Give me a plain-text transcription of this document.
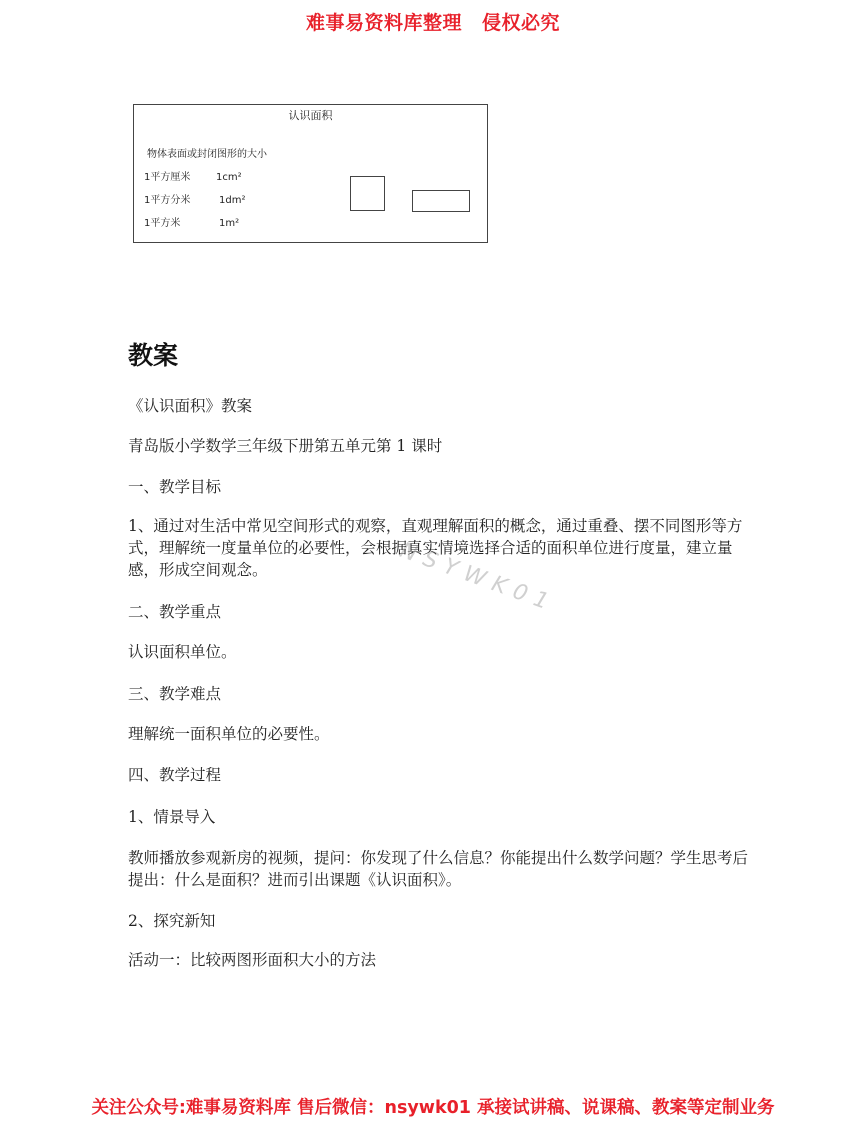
难事易资料库整理 侵权必究
认识面积
物体表面或封闭图形的大小
1平方厘米	1cm²
1平方分米	1dm²
1平方米	1m²
教案
《认识面积》教案
青岛版小学数学三年级下册第五单元第 1 课时
一、教学目标
1、通过对生活中常见空间形式的观察，直观理解面积的概念，通过重叠、摆不同图形等方式，理解统一度量单位的必要性，会根据真实情境选择合适的面积单位进行度量，建立量感，形成空间观念。
二、教学重点
认识面积单位。
三、教学难点
理解统一面积单位的必要性。
四、教学过程
1、情景导入
教师播放参观新房的视频，提问：你发现了什么信息？你能提出什么数学问题？学生思考后提出：什么是面积？进而引出课题《认识面积》。
2、探究新知
活动一：比较两图形面积大小的方法
NSYWK01
关注公众号:难事易资料库 售后微信：nsywk01 承接试讲稿、说课稿、教案等定制业务
